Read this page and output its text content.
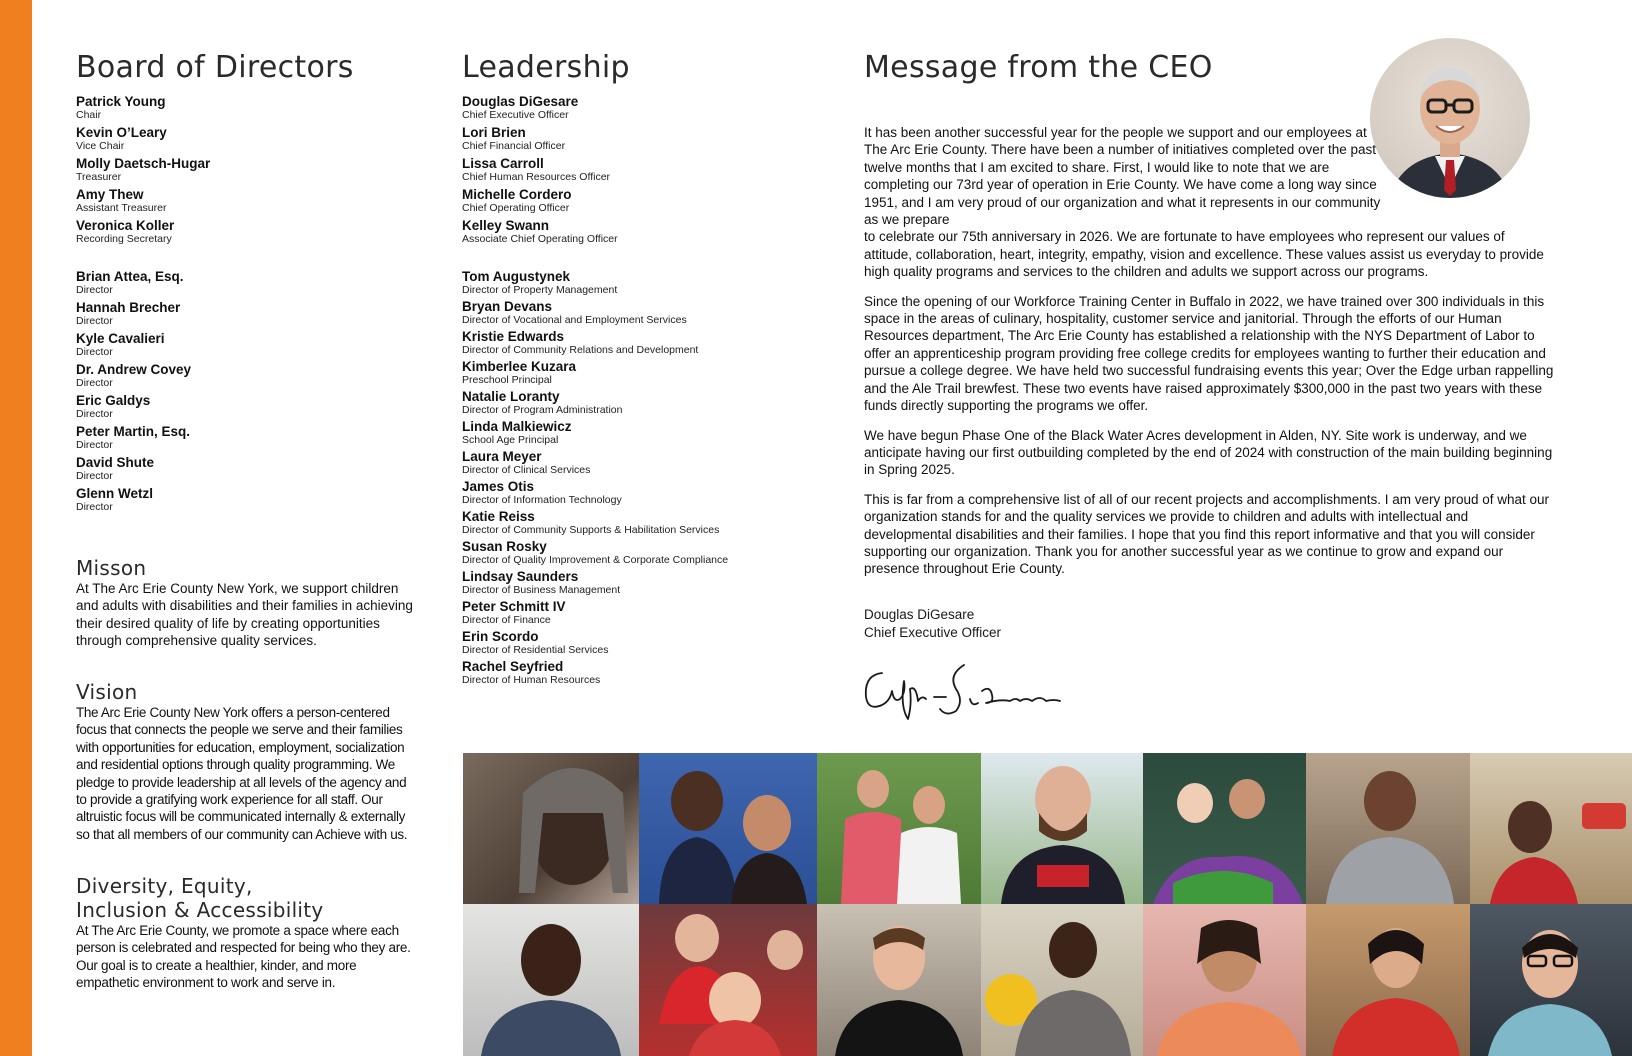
Board of Directors
Patrick Young
Chair
Kevin O’Leary
Vice Chair
Molly Daetsch-Hugar
Treasurer
Amy Thew
Assistant Treasurer
Veronica Koller
Recording Secretary
Brian Attea, Esq.
Director
Hannah Brecher
Director
Kyle Cavalieri
Director
Dr. Andrew Covey
Director
Eric Galdys
Director
Peter Martin, Esq.
Director
David Shute
Director
Glenn Wetzl
Director
Misson

At The Arc Erie County New York, we support children and adults with disabilities and their families in achieving their desired quality of life by creating opportunities through comprehensive quality services.

Vision

The Arc Erie County New York offers a person-centered focus that connects the people we serve and their families with opportunities for education, employment, socialization and residential options through quality programming. We pledge to provide leadership at all levels of the agency and to provide a gratifying work experience for all staff. Our altruistic focus will be communicated internally & externally so that all members of our community can Achieve with us.

Diversity, Equity,
Inclusion & Accessibility

At The Arc Erie County, we promote a space where each person is celebrated and respected for being who they are. Our goal is to create a healthier, kinder, and more empathetic environment to work and serve in.

Leadership
Douglas DiGesare
Chief Executive Officer
Lori Brien
Chief Financial Officer
Lissa Carroll
Chief Human Resources Officer
Michelle Cordero
Chief Operating Officer
Kelley Swann
Associate Chief Operating Officer
Tom Augustynek
Director of Property Management
Bryan Devans
Director of Vocational and Employment Services
Kristie Edwards
Director of Community Relations and Development
Kimberlee Kuzara
Preschool Principal
Natalie Loranty
Director of Program Administration
Linda Malkiewicz
School Age Principal
Laura Meyer
Director of Clinical Services
James Otis
Director of Information Technology
Katie Reiss
Director of Community Supports & Habilitation Services
Susan Rosky
Director of Quality Improvement & Corporate Compliance
Lindsay Saunders
Director of Business Management
Peter Schmitt IV
Director of Finance
Erin Scordo
Director of Residential Services
Rachel Seyfried
Director of Human Resources
Message from the CEO

It has been another successful year for the people we support and our employees at The Arc Erie County. There have been a number of initiatives completed over the past twelve months that I am excited to share. First, I would like to note that we are completing our 73rd year of operation in Erie County. We have come a long way since 1951, and I am very proud of our organization and what it represents in our community as we prepare

to celebrate our 75th anniversary in 2026. We are fortunate to have employees who represent our values of attitude, collaboration, heart, integrity, empathy, vision and excellence. These values assist us everyday to provide high quality programs and services to the children and adults we support across our programs.

Since the opening of our Workforce Training Center in Buffalo in 2022, we have trained over 300 individuals in this space in the areas of culinary, hospitality, customer service and janitorial. Through the efforts of our Human Resources department, The Arc Erie County has established a relationship with the NYS Department of Labor to offer an apprenticeship program providing free college credits for employees wanting to further their education and pursue a college degree. We have held two successful fundraising events this year; Over the Edge urban rappelling and the Ale Trail brewfest. These two events have raised approximately $300,000 in the past two years with these funds directly supporting the programs we offer.

We have begun Phase One of the Black Water Acres development in Alden, NY. Site work is underway, and we anticipate having our first outbuilding completed by the end of 2024 with construction of the main building beginning in Spring 2025.

This is far from a comprehensive list of all of our recent projects and accomplishments. I am very proud of what our organization stands for and the quality services we provide to children and adults with intellectual and developmental disabilities and their families. I hope that you find this report informative and that you will consider supporting our organization. Thank you for another successful year as we continue to grow and expand our presence throughout Erie County.

Douglas DiGesare
Chief Executive Officer
